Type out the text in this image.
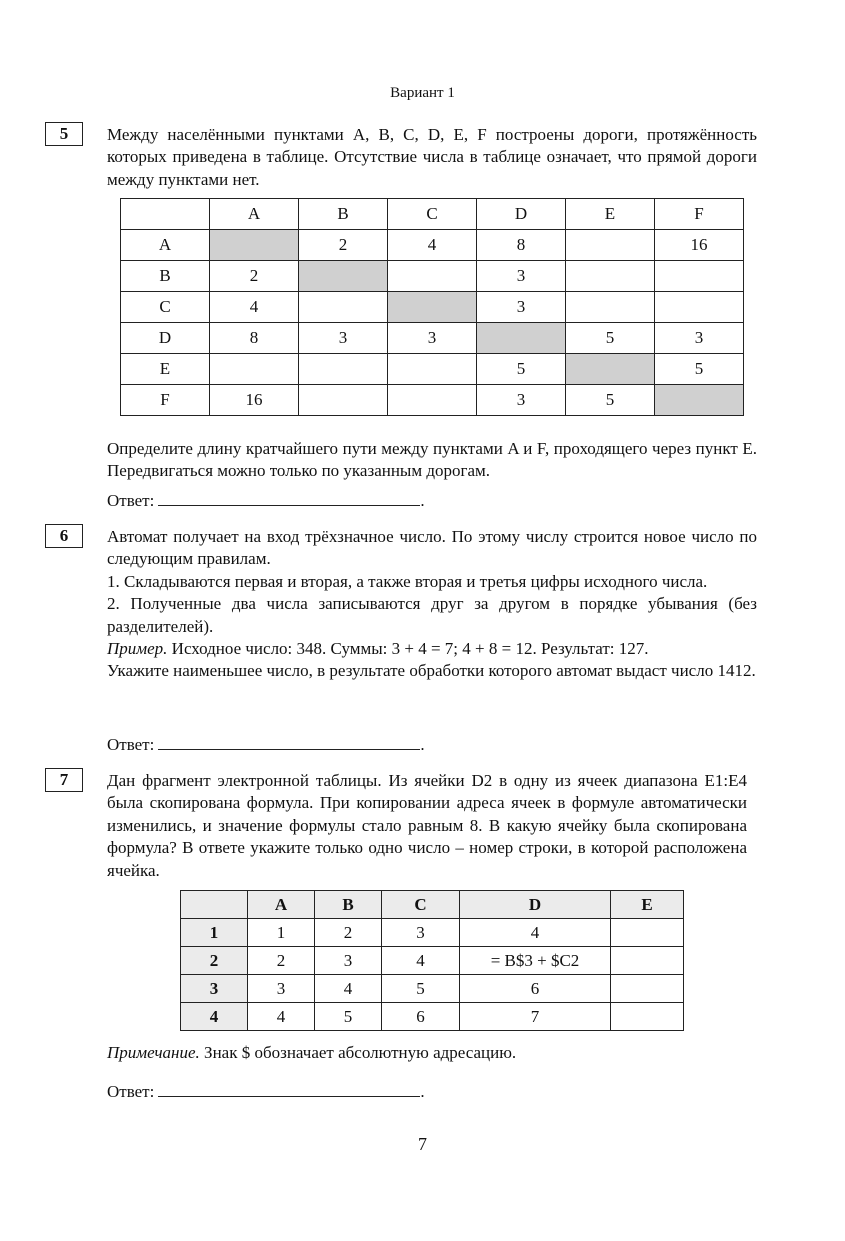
Вариант 1
5	Между населёнными пунктами A, B, C, D, E, F построены дороги, протяжённость которых приведена в таблице. Отсутствие числа в таблице означает, что прямой дороги между пунктами нет.
	A	B	C	D	E	F
A		2	4	8		16
B	2			3		
C	4			3		
D	8	3	3		5	3
E				5		5
F	16			3	5	
Определите длину кратчайшего пути между пунктами A и F, проходящего через пункт E. Передвигаться можно только по указанным дорогам.
Ответ:	.
6	Автомат получает на вход трёхзначное число. По этому числу строится новое число по следующим правилам.

1. Складываются первая и вторая, а также вторая и третья цифры исходного числа.

2. Полученные два числа записываются друг за другом в порядке убывания (без разделителей).

Пример. Исходное число: 348. Суммы: 3 + 4 = 7; 4 + 8 = 12. Результат: 127.

Укажите наименьшее число, в результате обработки которого автомат выдаст число 1412.

Ответ:	.
7	Дан фрагмент электронной таблицы. Из ячейки D2 в одну из ячеек диапазона E1:E4 была скопирована формула. При копировании адреса ячеек в формуле автоматически изменились, и значение формулы стало равным 8. В какую ячейку была скопирована формула? В ответе укажите только одно число – номер строки, в которой расположена ячейка.
	A	B	C	D	E
1	1	2	3	4	
2	2	3	4	= B$3 + $C2	
3	3	4	5	6	
4	4	5	6	7	
Примечание. Знак $ обозначает абсолютную адресацию.
Ответ:	.
7
